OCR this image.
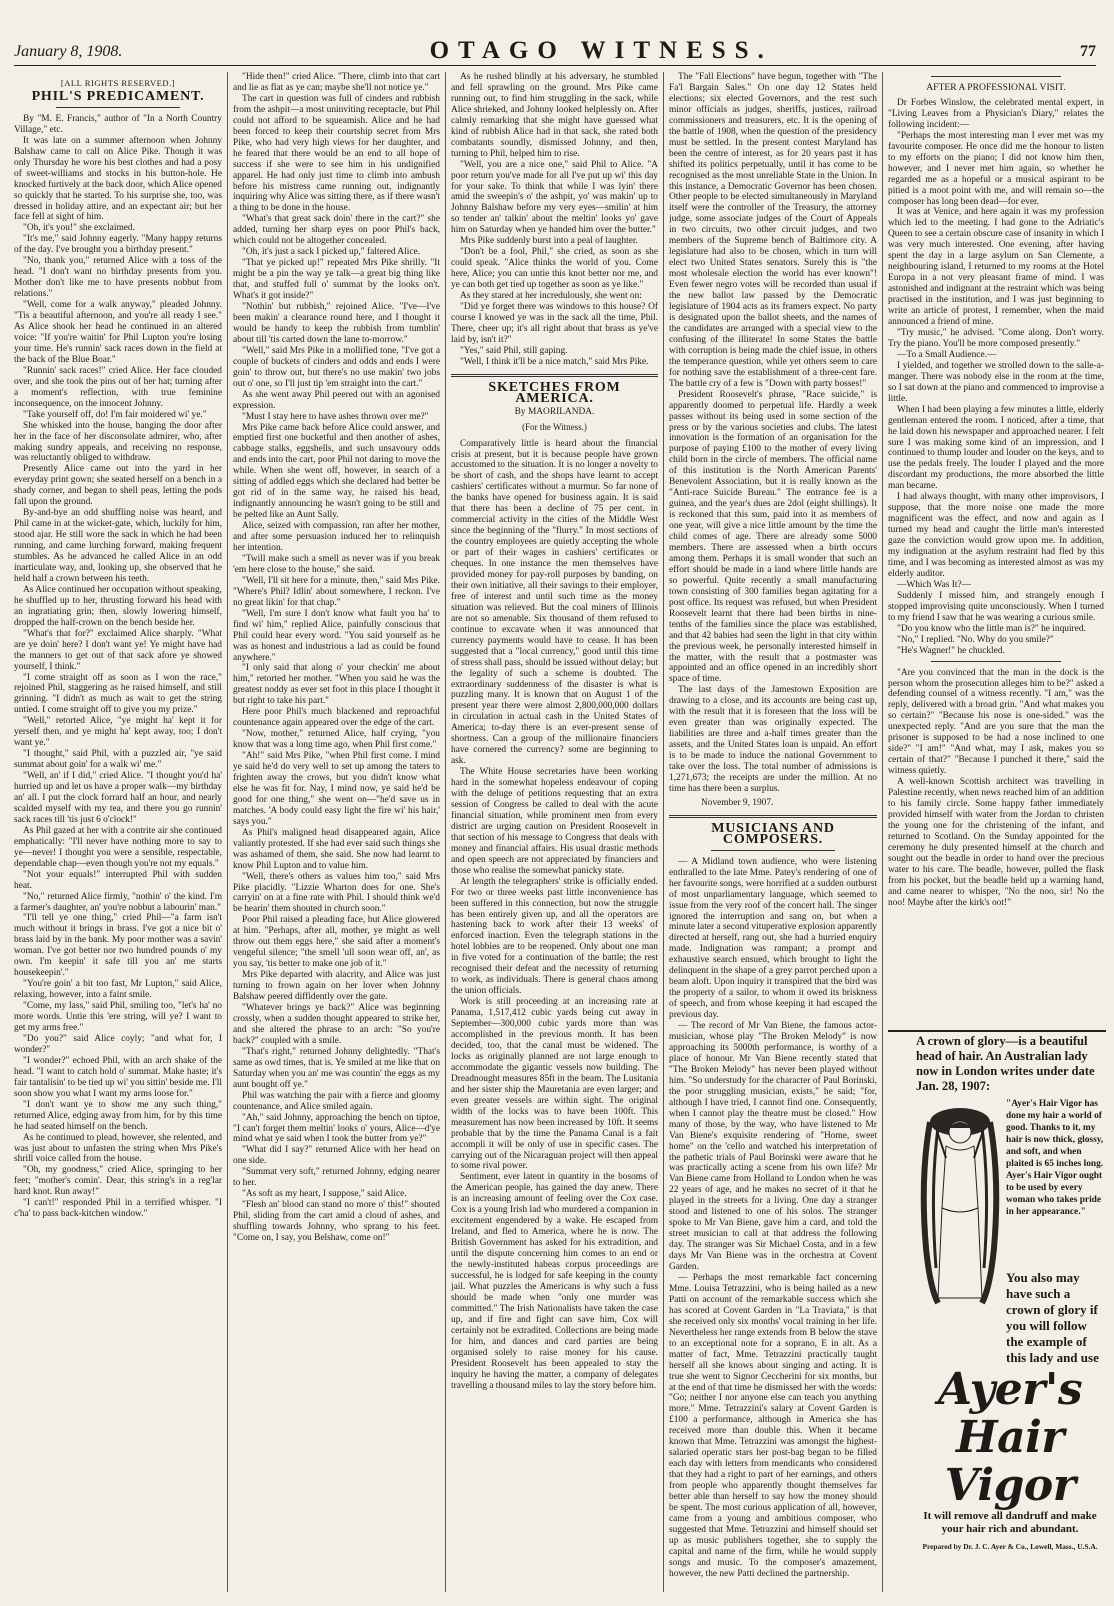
January 8, 1908.	OTAGO WITNESS.	77
[ALL RIGHTS RESERVED.]
PHIL'S PREDICAMENT.

By "M. E. Francis," author of "In a North Country Village," etc.

It was late on a summer afternoon when Johnny Balshaw came to call on Alice Pike. Though it was only Thursday he wore his best clothes and had a posy of sweet-williams and stocks in his button-hole. He knocked furtively at the back door, which Alice opened so quickly that he started. To his surprise she, too, was dressed in holiday attire, and an expectant air; but her face fell at sight of him.

"Oh, it's you!" she exclaimed.

"It's me," said Johnny eagerly. "Many happy returns of the day. I've brought you a birthday present."

"No, thank you," returned Alice with a toss of the head. "I don't want no birthday presents from you. Mother don't like me to have presents nobbut from relations."

"Well, come for a walk anyway," pleaded Johnny. "Tis a beautiful afternoon, and you're all ready I see." As Alice shook her head he continued in an altered voice: "If you're waitin' for Phil Lupton you're losing your time. He's runnin' sack races down in the field at the back of the Blue Boar."

"Runnin' sack races!" cried Alice. Her face clouded over, and she took the pins out of her hat; turning after a moment's reflection, with true feminine inconsequence, on the innocent Johnny.

"Take yourself off, do! I'm fair moidered wi' ye."

She whisked into the house, banging the door after her in the face of her disconsolate admirer, who, after making sundry appeals, and receiving no response, was reluctantly obliged to withdraw.

Presently Alice came out into the yard in her everyday print gown; she seated herself on a bench in a shady corner, and began to shell peas, letting the pods fall upon the ground.

By-and-bye an odd shuffling noise was heard, and Phil came in at the wicket-gate, which, luckily for him, stood ajar. He still wore the sack in which he had been running, and came lurching forward, making frequent stumbles. As he advanced he called Alice in an odd inarticulate way, and, looking up, she observed that he held half a crown between his teeth.

As Alice continued her occupation without speaking, he shuffled up to her, thrusting forward his head with an ingratiating grin; then, slowly lowering himself, dropped the half-crown on the bench beside her.

"What's that for?" exclaimed Alice sharply. "What are ye doin' here? I don't want ye! Ye might have had the manners to get out of that sack afore ye showed yourself, I think."

"I come straight off as soon as I won the race," rejoined Phil, staggering as he raised himself, and still grinning. "I didn't as much as wait to get the string untied. I come straight off to give you my prize."

"Well," retorted Alice, "ye might ha' kept it for yerself then, and ye might ha' kept away, too; I don't want ye."

"I thought," said Phil, with a puzzled air, "ye said summat about goin' for a walk wi' me."

"Well, an' if I did," cried Alice. "I thought you'd ha' hurried up and let us have a proper walk—my birthday an' all. I put the clock forrard half an hour, and nearly scalded myself with my tea, and there you go runnin' sack races till 'tis just 6 o'clock!"

As Phil gazed at her with a contrite air she continued emphatically: "I'll never have nothing more to say to ye—never! I thought you were a sensible, respectable, dependable chap—even though you're not my equals."

"Not your equals!" interrupted Phil with sudden heat.

"No," returned Alice firmly, "nothin' o' the kind. I'm a farmer's daughter, an' you're nobbut a labourin' man."

"I'll tell ye one thing," cried Phil—"a farm isn't much without it brings in brass. I've got a nice bit o' brass laid by in the bank. My poor mother was a savin' woman. I've got better nor two hundred pounds o' my own. I'm keepin' it safe till you an' me starts housekeepin'."

"You're goin' a bit too fast, Mr Lupton," said Alice, relaxing, however, into a faint smile.

"Come, my lass," said Phil, smiling too, "let's ha' no more words. Untie this 'ere string, will ye? I want to get my arms free."

"Do you?" said Alice coyly; "and what for, I wonder?"

"I wonder?" echoed Phil, with an arch shake of the head. "I want to catch hold o' summat. Make haste; it's fair tantalisin' to be tied up wi' you sittin' beside me. I'll soon show you what I want my arms loose for."

"I don't want ye to show me any such thing," returned Alice, edging away from him, for by this time he had seated himself on the bench.

As he continued to plead, however, she relented, and was just about to unfasten the string when Mrs Pike's shrill voice called from the house.

"Oh, my goodness," cried Alice, springing to her feet; "mother's comin'. Dear, this string's in a reg'lar hard knot. Run away!"

"I can't!" responded Phil in a terrified whisper. "I c'ha' to pass back-kitchen window."

"Hide then!" cried Alice. "There, climb into that cart and lie as flat as ye can; maybe she'll not notice ye."

The cart in question was full of cinders and rubbish from the ashpit—a most uninviting receptacle, but Phil could not afford to be squeamish. Alice and he had been forced to keep their courtship secret from Mrs Pike, who had very high views for her daughter, and he feared that there would be an end to all hope of success if she were to see him in his undignified apparel. He had only just time to climb into ambush before his mistress came running out, indignantly inquiring why Alice was sitting there, as if there wasn't a thing to be done in the house.

"What's that great sack doin' there in the cart?" she added, turning her sharp eyes on poor Phil's back, which could not be altogether concealed.

"Oh, it's just a sack I picked up," faltered Alice.

"That ye picked up!" repeated Mrs Pike shrilly. "It might be a pin the way ye talk—a great big thing like that, and stuffed full o' summat by the looks on't. What's it got inside?"

"Nothin' but rubbish," rejoined Alice. "I've—I've been makin' a clearance round here, and I thought it would be handy to keep the rubbish from tumblin' about till 'tis carted down the lane to-morrow."

"Well," said Mrs Pike in a mollified tone, "I've got a couple of buckets of cinders and odds and ends I were goin' to throw out, but there's no use makin' two jobs out o' one, so I'll just tip 'em straight into the cart."

As she went away Phil peered out with an agonised expression.

"Must I stay here to have ashes thrown over me?"

Mrs Pike came back before Alice could answer, and emptied first one bucketful and then another of ashes, cabbage stalks, eggshells, and such unsavoury odds and ends into the cart, poor Phil not daring to move the while. When she went off, however, in search of a sitting of addled eggs which she declared had better be got rid of in the same way, he raised his head, indignantly announcing he wasn't going to be still and be pelted like an Aunt Sally.

Alice, seized with compassion, ran after her mother, and after some persuasion induced her to relinquish her intention.

"Twill make such a smell as never was if you break 'em here close to the house," she said.

"Well, I'll sit here for a minute, then," said Mrs Pike. "Where's Phil? Idlin' about somewhere, I reckon. I've no great likin' for that chap."

"Well, I'm sure I don't know what fault you ha' to find wi' him," replied Alice, painfully conscious that Phil could hear every word. "You said yourself as he was as honest and industrious a lad as could be found anywhere."

"I only said that along o' your checkin' me about him," retorted her mother. "When you said he was the greatest noddy as ever set foot in this place I thought it but right to take his part."

Here poor Phil's much blackened and reproachful countenance again appeared over the edge of the cart.

"Now, mother," returned Alice, half crying, "you know that was a long time ago, when Phil first come."

"Ah!" said Mrs Pike, "when Phil first come. I mind ye said he'd do very well to set up among the taters to frighten away the crows, but you didn't know what else he was fit for. Nay, I mind now, ye said he'd be good for one thing," she went on—"he'd save us in matches. 'A body could easy light the fire wi' his hair,' says you."

As Phil's maligned head disappeared again, Alice valiantly protested. If she had ever said such things she was ashamed of them, she said. She now had learnt to know Phil Lupton and to value him.

"Well, there's others as values him too," said Mrs Pike placidly. "Lizzie Wharton does for one. She's carryin' on at a fine rate with Phil. I should think we'd be hearin' them shouted in church soon."

Poor Phil raised a pleading face, but Alice glowered at him. "Perhaps, after all, mother, ye might as well throw out them eggs here," she said after a moment's vengeful silence; "the smell 'ull soon wear off, an', as you say, 'tis better to make one job of it."

Mrs Pike departed with alacrity, and Alice was just turning to frown again on her lover when Johnny Balshaw peered diffidently over the gate.

"Whatever brings ye back?" Alice was beginning crossly, when a sudden thought appeared to strike her, and she altered the phrase to an arch: "So you're back?" coupled with a smile.

"That's right," returned Johnny delightedly. "That's same as owd times, that is. Ye smiled at me like that on Saturday when you an' me was countin' the eggs as my aunt bought off ye."

Phil was watching the pair with a fierce and gloomy countenance, and Alice smiled again.

"Ah," said Johnny, approaching the bench on tiptoe, "I can't forget them meltin' looks o' yours, Alice—d'ye mind what ye said when I took the butter from ye?"

"What did I say?" returned Alice with her head on one side.

"Summat very soft," returned Johnny, edging nearer to her.

"As soft as my heart, I suppose," said Alice.

"Flesh an' blood can stand no more o' this!" shouted Phil, sliding from the cart amid a cloud of ashes, and shuffling towards Johnny, who sprang to his feet. "Come on, I say, you Belshaw, come on!"

As he rushed blindly at his adversary, he stumbled and fell sprawling on the ground. Mrs Pike came running out, to find him struggling in the sack, while Alice shrieked, and Johnny looked helplessly on. After calmly remarking that she might have guessed what kind of rubbish Alice had in that sack, she rated both combatants soundly, dismissed Johnny, and then, turning to Phil, helped him to rise.

"Well, you are a nice one," said Phil to Alice. "A poor return you've made for all I've put up wi' this day for your sake. To think that while I was lyin' there amid the sweepin's o' the ashpit, yo' was makin' up to Johnny Balshaw before my very eyes—smilin' at him so tender an' talkin' about the meltin' looks yo' gave him on Saturday when ye handed him over the butter."

Mrs Pike suddenly burst into a peal of laughter.

"Don't be a fool, Phil," she cried, as soon as she could speak. "Alice thinks the world of you. Come here, Alice; you can untie this knot better nor me, and ye can both get tied up together as soon as ye like."

As they stared at her incredulously, she went on:

"Did ye forget there was windows to this house? Of course I knowed ye was in the sack all the time, Phil. There, cheer up; it's all right about that brass as ye've laid by, isn't it?"

"Yes," said Phil, still gaping.

"Well, I think it'll be a nice match," said Mrs Pike.

SKETCHES FROM AMERICA.
By MAORILANDA.
(For the Witness.)

Comparatively little is heard about the financial crisis at present, but it is because people have grown accustomed to the situation. It is no longer a novelty to be short of cash, and the shops have learnt to accept cashiers' certificates without a murmur. So far none of the banks have opened for business again. It is said that there has been a decline of 75 per cent. in commercial activity in the cities of the Middle West since the beginning of the "flurry." In most sections of the country employees are quietly accepting the whole or part of their wages in cashiers' certificates or cheques. In one instance the men themselves have provided money for pay-roll purposes by banding, on their own initiative, all their savings to their employer, free of interest and until such time as the money situation was relieved. But the coal miners of Illinois are not so amenable. Six thousand of them refused to continue to excavate when it was announced that currency payments would have to cease. It has been suggested that a "local currency," good until this time of stress shall pass, should be issued without delay; but the legality of such a scheme is doubted. The extraordinary suddenness of the disaster is what is puzzling many. It is known that on August 1 of the present year there were almost 2,800,000,000 dollars in circulation in actual cash in the United States of America; to-day there is an ever-present sense of shortness. Can a group of the millionaire financiers have cornered the currency? some are beginning to ask.

The White House secretaries have been working hard in the somewhat hopeless endeavour of coping with the deluge of petitions requesting that an extra session of Congress be called to deal with the acute financial situation, while prominent men from every district are urging caution on President Roosevelt in that section of his message to Congress that deals with money and financial affairs. His usual drastic methods and open speech are not appreciated by financiers and those who realise the somewhat panicky state.

At length the telegraphers' strike is officially ended. For two or three weeks past little inconvenience has been suffered in this connection, but now the struggle has been entirely given up, and all the operators are hastening back to work after their 13 weeks' of enforced inaction. Even the telegraph stations in the hotel lobbies are to be reopened. Only about one man in five voted for a continuation of the battle; the rest recognised their defeat and the necessity of returning to work, as individuals. There is general chaos among the union officials.

Work is still proceeding at an increasing rate at Panama, 1,517,412 cubic yards being cut away in September—300,000 cubic yards more than was accomplished in the previous month. It has been decided, too, that the canal must be widened. The locks as originally planned are not large enough to accommodate the gigantic vessels now building. The Dreadnought measures 85ft in the beam. The Lusitania and her sister ship the Mauretania are even larger; and even greater vessels are within sight. The original width of the locks was to have been 100ft. This measurement has now been increased by 10ft. It seems probable that by the time the Panama Canal is a fait accompli it will be only of use in specific cases. The carrying out of the Nicaraguan project will then appeal to some rival power.

Sentiment, ever latent in quantity in the bosoms of the American people, has gained the day anew. There is an increasing amount of feeling over the Cox case. Cox is a young Irish lad who murdered a companion in excitement engendered by a wake. He escaped from Ireland, and fled to America, where he is now. The British Government has asked for his extradition, and until the dispute concerning him comes to an end or the newly-instituted habeas corpus proceedings are successful, he is lodged for safe keeping in the county jail. What puzzles the Americans is why such a fuss should be made when "only one murder was committed." The Irish Nationalists have taken the case up, and if fire and fight can save him, Cox will certainly not be extradited. Collections are being made for him, and dances and card parties are being organised solely to raise money for his cause. President Roosevelt has been appealed to stay the inquiry he having the matter, a company of delegates travelling a thousand miles to lay the story before him.

The "Fall Elections" have begun, together with "The Fa'l Bargain Sales." On one day 12 States held elections; six elected Governors, and the rest such minor officials as judges, sheriffs, justices, railroad commissioners and treasurers, etc. It is the opening of the battle of 1908, when the question of the presidency must be settled. In the present contest Maryland has been the centre of interest, as for 20 years past it has shifted its politics perpetually, until it has come to be recognised as the most unreliable State in the Union. In this instance, a Democratic Governor has been chosen. Other people to be elected simultaneously in Maryland itself were the controller of the Treasury, the attorney judge, some associate judges of the Court of Appeals in two circuits, two other circuit judges, and two members of the Supreme bench of Baltimore city. A legislature had also to be chosen, which in turn will elect two United States senators. Surely this is "the most wholesale election the world has ever known"! Even fewer negro votes will be recorded than usual if the new ballot law passed by the Democratic legislature of 1904 acts as its framers expect. No party is designated upon the ballot sheets, and the names of the candidates are arranged with a special view to the confusing of the illiterate! In some States the battle with corruption is being made the chief issue, in others the temperance question, while yet others seem to care for nothing save the establishment of a three-cent fare. The battle cry of a few is "Down with party bosses!"

President Roosevelt's phrase, "Race suicide," is apparently doomed to perpetual life. Hardly a week passes without its being used in some section of the press or by the various societies and clubs. The latest innovation is the formation of an organisation for the purpose of paying £100 to the mother of every living child born in the circle of members. The official name of this institution is the North American Parents' Benevolent Association, but it is really known as the "Anti-race Suicide Bureau." The entrance fee is a guinea, and the year's dues are 2dol (eight shillings). It is reckoned that this sum, paid into it as members of one year, will give a nice little amount by the time the child comes of age. There are already some 5000 members. There are assessed when a birth occurs among them. Perhaps it is small wonder that such an effort should be made in a land where little hands are so powerful. Quite recently a small manufacturing town consisting of 300 families began agitating for a post office. Its request was refused, but when President Roosevelt learnt that there had been births in nine-tenths of the families since the place was established, and that 42 babies had seen the light in that city within the previous week, he personally interested himself in the matter, with the result that a postmaster was appointed and an office opened in an incredibly short space of time.

The last days of the Jamestown Exposition are drawing to a close, and its accounts are being cast up, with the result that it is foreseen that the loss will be even greater than was originally expected. The liabilities are three and a-half times greater than the assets, and the United States loan is unpaid. An effort is to be made to induce the national Government to take over the loss. The total number of admissions is 1,271,673; the receipts are under the million. At no time has there been a surplus.

November 9, 1907.

MUSICIANS AND COMPOSERS.

— A Midland town audience, who were listening enthralled to the late Mme. Patey's rendering of one of her favourite songs, were horrified at a sudden outburst of most unparliamentary language, which seemed to issue from the very roof of the concert hall. The singer ignored the interruption and sang on, but when a minute later a second vituperative explosion apparently directed at herself, rang out, she had a hurried enquiry made. Indignation was rampant; a prompt and exhaustive search ensued, which brought to light the delinquent in the shape of a grey parrot perched upon a beam aloft. Upon inquiry it transpired that the bird was the property of a sailor, to whom it owed its briskness of speech, and from whose keeping it had escaped the previous day.

— The record of Mr Van Biene, the famous actor-musician, whose play "The Broken Melody" is now approaching its 5000th performance, is worthy of a place of honour. Mr Van Biene recently stated that "The Broken Melody" has never been played without him. "So understudy for the character of Paul Borinski, the poor struggling musician, exists," he said; "for, although I have tried, I cannot find one. Consequently, when I cannot play the theatre must be closed." How many of those, by the way, who have listened to Mr Van Biene's exquisite rendering of "Home, sweet home" on the 'cello and watched his interpretation of the pathetic trials of Paul Borinski were aware that he was practically acting a scene from his own life? Mr Van Biene came from Holland to London when he was 22 years of age, and he makes no secret of it that he played in the streets for a living. One day a stranger stood and listened to one of his solos. The stranger spoke to Mr Van Biene, gave him a card, and told the street musician to call at that address the following day. The stranger was Sir Michael Costa, and in a few days Mr Van Biene was in the orchestra at Covent Garden.

— Perhaps the most remarkable fact concerning Mme. Louisa Tetrazzini, who is being hailed as a new Patti on account of the remarkable success which she has scored at Covent Garden in "La Traviata," is that she received only six months' vocal training in her life. Nevertheless her range extends from B below the stave to an exceptional note for a soprano, E in alt. As a matter of fact, Mme. Tetrazzini practically taught herself all she knows about singing and acting. It is true she went to Signor Ceccherini for six months, but at the end of that time he dismissed her with the words: "Go; neither I nor anyone else can teach you anything more." Mme. Tetrazzini's salary at Covent Garden is £100 a performance, although in America she has received more than double this. When it became known that Mme. Tetrazzini was amongst the highest-salaried operatic stars her post-bag began to be filled each day with letters from mendicants who considered that they had a right to part of her earnings, and others from people who apparently thought themselves far better able than herself to say how the money should be spent. The most curious application of all, however, came from a young and ambitious composer, who suggested that Mme. Tetrazzini and himself should set up as music publishers together, she to supply the capital and name of the firm, while he would supply songs and music. To the composer's amazement, however, the new Patti declined the partnership.

AFTER A PROFESSIONAL VISIT.

Dr Forbes Winslow, the celebrated mental expert, in "Living Leaves from a Physician's Diary," relates the following incident:—

"Perhaps the most interesting man I ever met was my favourite composer. He once did me the honour to listen to my efforts on the piano; I did not know him then, however, and I never met him again, so whether he regarded me as a hopeful or a musical aspirant to be pitied is a moot point with me, and will remain so—the composer has long been dead—for ever.

It was at Venice, and here again it was my profession which led to the meeting. I had gone to the Adriatic's Queen to see a certain obscure case of insanity in which I was very much interested. One evening, after having spent the day in a large asylum on San Clemente, a neighbouring island, I returned to my rooms at the Hotel Europa in a not very pleasant frame of mind. I was astonished and indignant at the restraint which was being practised in the institution, and I was just beginning to write an article of protest, I remember, when the maid announced a friend of mine.

"Try music," he advised. "Come along. Don't worry. Try the piano. You'll be more composed presently."

—To a Small Audience.—

I yielded, and together we strolled down to the salle-a-manger. There was nobody else in the room at the time, so I sat down at the piano and commenced to improvise a little.

When I had been playing a few minutes a little, elderly gentleman entered the room. I noticed, after a time, that he laid down his newspaper and approached nearer. I felt sure I was making some kind of an impression, and I continued to thump louder and louder on the keys, and to use the pedals freely. The louder I played and the more discordant my productions, the more absorbed the little man became.

I had always thought, with many other improvisors, I suppose, that the more noise one made the more magnificent was the effect, and now and again as I turned my head and caught the little man's interested gaze the conviction would grow upon me. In addition, my indignation at the asylum restraint had fled by this time, and I was becoming as interested almost as was my elderly auditor.

—Which Was It?—

Suddenly I missed him, and strangely enough I stopped improvising quite unconsciously. When I turned to my friend I saw that he was wearing a curious smile.

"Do you know who the little man is?" he inquired.

"No," I replied. "No. Why do you smile?"

"He's Wagner!" he chuckled.

"Are you convinced that the man in the dock is the person whom the prosecution alleges him to be?" asked a defending counsel of a witness recently. "I am," was the reply, delivered with a broad grin. "And what makes you so certain?" "Because his nose is one-sided." was the unexpected reply. "And are you sure that the man the prisoner is supposed to be had a nose inclined to one side?" "I am!" "And what, may I ask, makes you so certain of that?" "Because I punched it there," said the witness quietly.

A well-known Scottish architect was travelling in Palestine recently, when news reached him of an addition to his family circle. Some happy father immediately provided himself with water from the Jordan to christen the young one for the christening of the infant, and returned to Scotland. On the Sunday appointed for the ceremony he duly presented himself at the church and sought out the beadle in order to hand over the precious water to his care. The beadle, however, pulled the flask from his pocket, but the beadle held up a warning hand, and came nearer to whisper, "No the noo, sir! No the noo! Maybe after the kirk's oot!"

A crown of glory—is a beautiful head of hair. An Australian lady now in London writes under date Jan. 28, 1907:
"Ayer's Hair Vigor has done my hair a world of good. Thanks to it, my hair is now thick, glossy, and soft, and when plaited is 65 inches long. Ayer's Hair Vigor ought to be used by every woman who takes pride in her appearance."
You also may have such a crown of glory if you will follow the example of this lady and use
Ayer's
Hair Vigor
It will remove all dandruff and make your hair rich and abundant.
Prepared by Dr. J. C. Ayer & Co., Lowell, Mass., U.S.A.
